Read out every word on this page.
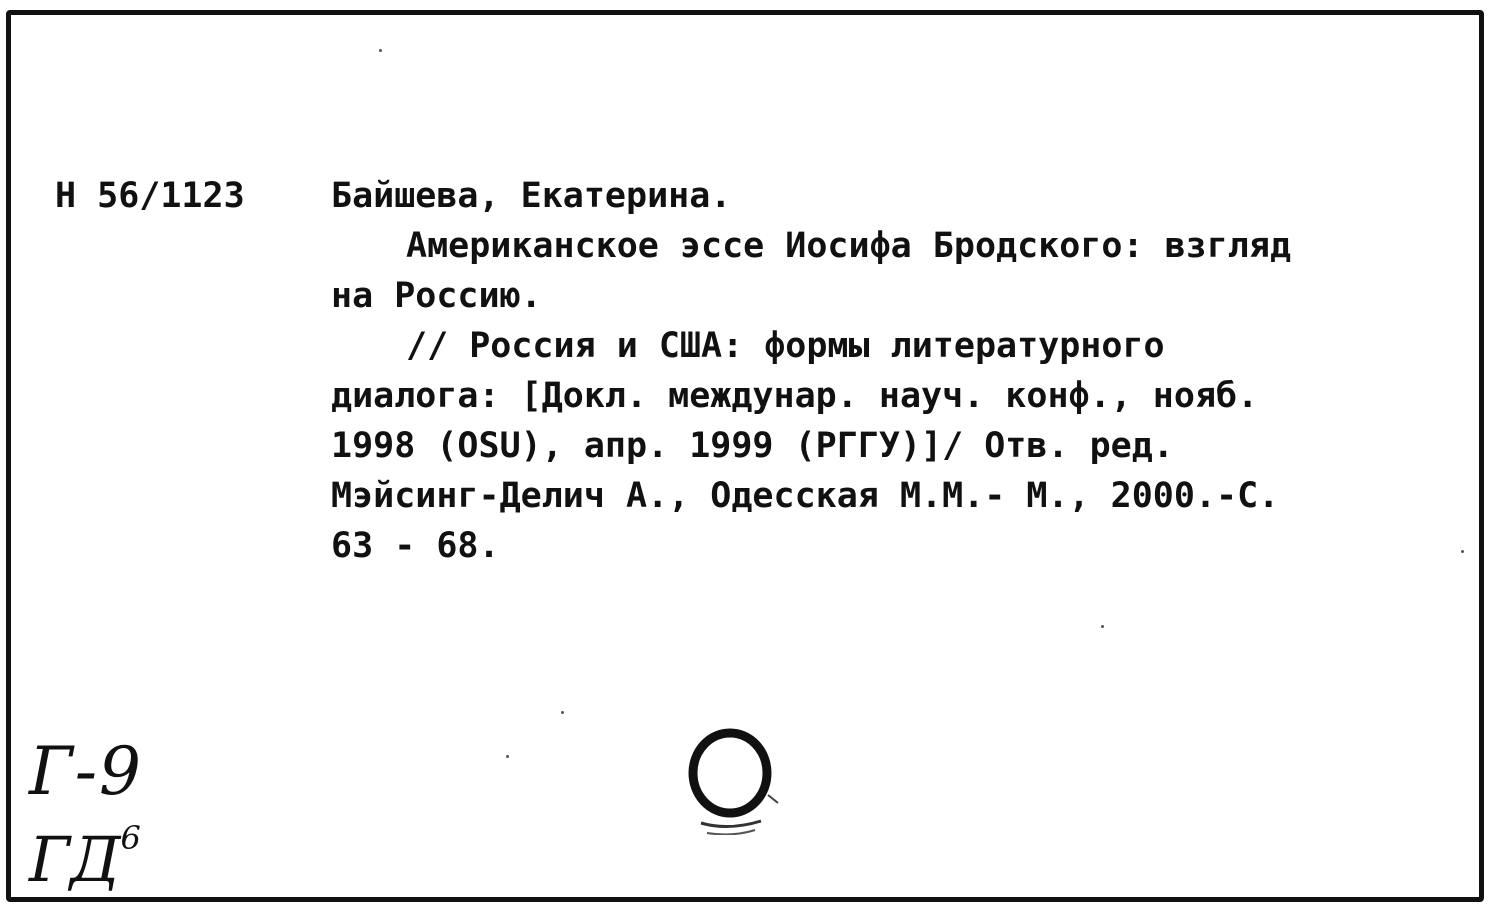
Н 56/1123 Байшева, Екатерина.
Американское эссе Иосифа Бродского: взгляд
на Россию.
// Россия и США: формы литературного
диалога: [Докл. междунар. науч. конф., нояб.
1998 (OSU), апр. 1999 (РГГУ)]/ Отв. ред.
Мэйсинг-Делич А., Одесская М.М.- М., 2000.-С.
63 - 68.
Г-9
$ГД^6$
